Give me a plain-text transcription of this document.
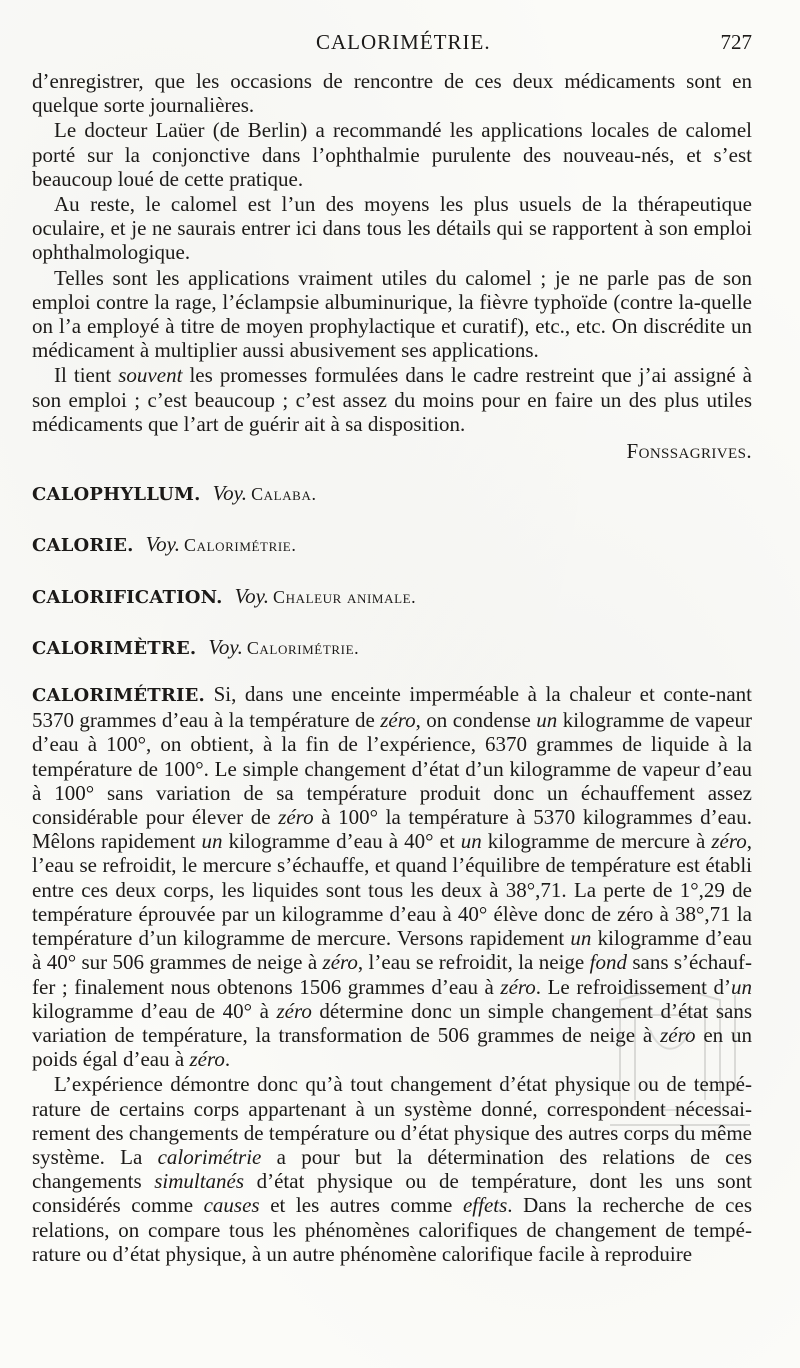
CALORIMÉTRIE.	727

d’enregistrer, que les occasions de rencontre de ces deux médicaments sont en quelque sorte journalières.

Le docteur Laüer (de Berlin) a recommandé les applications locales de calomel porté sur la conjonctive dans l’ophthalmie purulente des nouveau-nés, et s’est beaucoup loué de cette pratique.

Au reste, le calomel est l’un des moyens les plus usuels de la thérapeutique oculaire, et je ne saurais entrer ici dans tous les détails qui se rapportent à son emploi ophthalmologique.

Telles sont les applications vraiment utiles du calomel ; je ne parle pas de son emploi contre la rage, l’éclampsie albuminurique, la fièvre typhoïde (contre la-quelle on l’a employé à titre de moyen prophylactique et curatif), etc., etc. On discrédite un médicament à multiplier aussi abusivement ses applications.

Il tient souvent les promesses formulées dans le cadre restreint que j’ai assigné à son emploi ; c’est beaucoup ; c’est assez du moins pour en faire un des plus utiles médicaments que l’art de guérir ait à sa disposition.

Fonssagrives.

CALOPHYLLUM. Voy. Calaba.

CALORIE. Voy. Calorimétrie.

CALORIFICATION. Voy. Chaleur animale.

CALORIMÈTRE. Voy. Calorimétrie.

CALORIMÉTRIE. Si, dans une enceinte imperméable à la chaleur et conte-nant 5370 grammes d’eau à la température de zéro, on condense un kilogramme de vapeur d’eau à 100°, on obtient, à la fin de l’expérience, 6370 grammes de liquide à la température de 100°. Le simple changement d’état d’un kilogramme de vapeur d’eau à 100° sans variation de sa température produit donc un échauffement assez considérable pour élever de zéro à 100° la température à 5370 kilogrammes d’eau. Mêlons rapidement un kilogramme d’eau à 40° et un kilogramme de mercure à zéro, l’eau se refroidit, le mercure s’échauffe, et quand l’équilibre de température est établi entre ces deux corps, les liquides sont tous les deux à 38°,71. La perte de 1°,29 de température éprouvée par un kilogramme d’eau à 40° élève donc de zéro à 38°,71 la température d’un kilogramme de mercure. Versons rapidement un kilogramme d’eau à 40° sur 506 grammes de neige à zéro, l’eau se refroidit, la neige fond sans s’échauf-fer ; finalement nous obtenons 1506 grammes d’eau à zéro. Le refroidissement d’un kilogramme d’eau de 40° à zéro détermine donc un simple changement d’état sans variation de température, la transformation de 506 grammes de neige à zéro en un poids égal d’eau à zéro.

L’expérience démontre donc qu’à tout changement d’état physique ou de tempé-rature de certains corps appartenant à un système donné, correspondent nécessai-rement des changements de température ou d’état physique des autres corps du même système. La calorimétrie a pour but la détermination des relations de ces changements simultanés d’état physique ou de température, dont les uns sont considérés comme causes et les autres comme effets. Dans la recherche de ces relations, on compare tous les phénomènes calorifiques de changement de tempé-rature ou d’état physique, à un autre phénomène calorifique facile à reproduire
